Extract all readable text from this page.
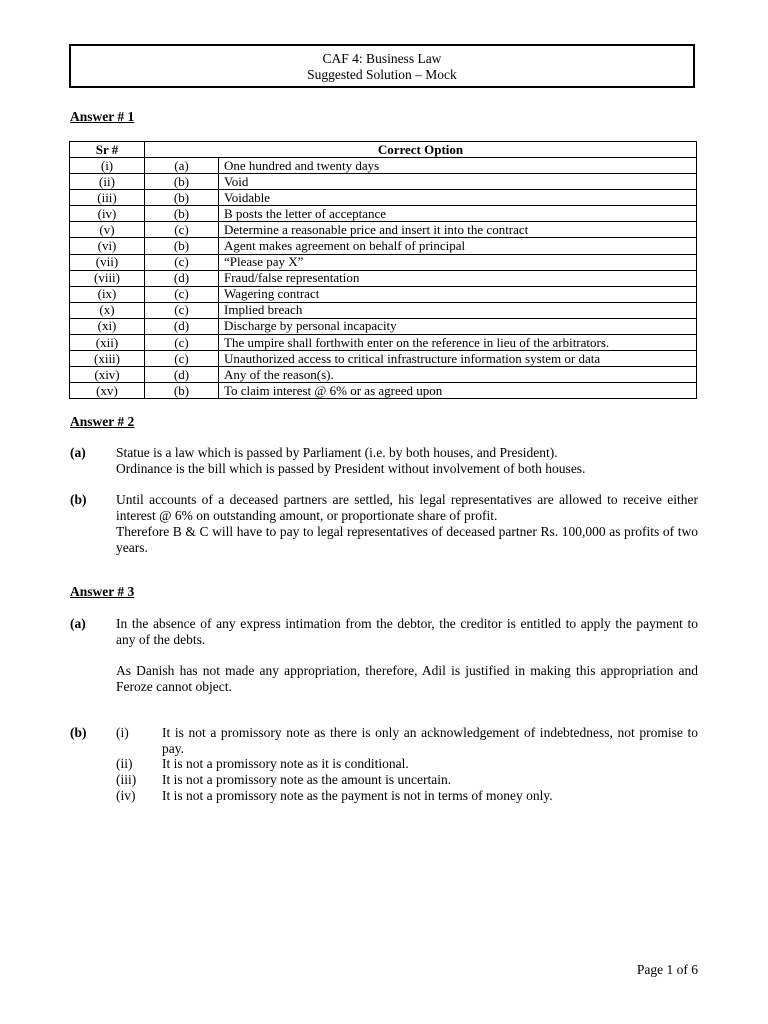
CAF 4: Business Law
Suggested Solution – Mock
Answer # 1
Sr #	Correct Option	
(i)	(a)	One hundred and twenty days
(ii)	(b)	Void
(iii)	(b)	Voidable
(iv)	(b)	B posts the letter of acceptance
(v)	(c)	Determine a reasonable price and insert it into the contract
(vi)	(b)	Agent makes agreement on behalf of principal
(vii)	(c)	“Please pay X”
(viii)	(d)	Fraud/false representation
(ix)	(c)	Wagering contract
(x)	(c)	Implied breach
(xi)	(d)	Discharge by personal incapacity
(xii)	(c)	The umpire shall forthwith enter on the reference in lieu of the arbitrators.
(xiii)	(c)	Unauthorized access to critical infrastructure information system or data
(xiv)	(d)	Any of the reason(s).
(xv)	(b)	To claim interest @ 6% or as agreed upon
Answer # 2
(a) Statue is a law which is passed by Parliament (i.e. by both houses, and President).
Ordinance is the bill which is passed by President without involvement of both houses.
(b) Until accounts of a deceased partners are settled, his legal representatives are allowed to receive either interest @ 6% on outstanding amount, or proportionate share of profit.
Therefore B & C will have to pay to legal representatives of deceased partner Rs. 100,000 as profits of two years.
Answer # 3
(a) In the absence of any express intimation from the debtor, the creditor is entitled to apply the payment to any of the debts.
As Danish has not made any appropriation, therefore, Adil is justified in making this appropriation and Feroze cannot object.
(b) (i) It is not a promissory note as there is only an acknowledgement of indebtedness, not promise to pay.
(ii) It is not a promissory note as it is conditional.
(iii) It is not a promissory note as the amount is uncertain.
(iv) It is not a promissory note as the payment is not in terms of money only.
Page 1 of 6
